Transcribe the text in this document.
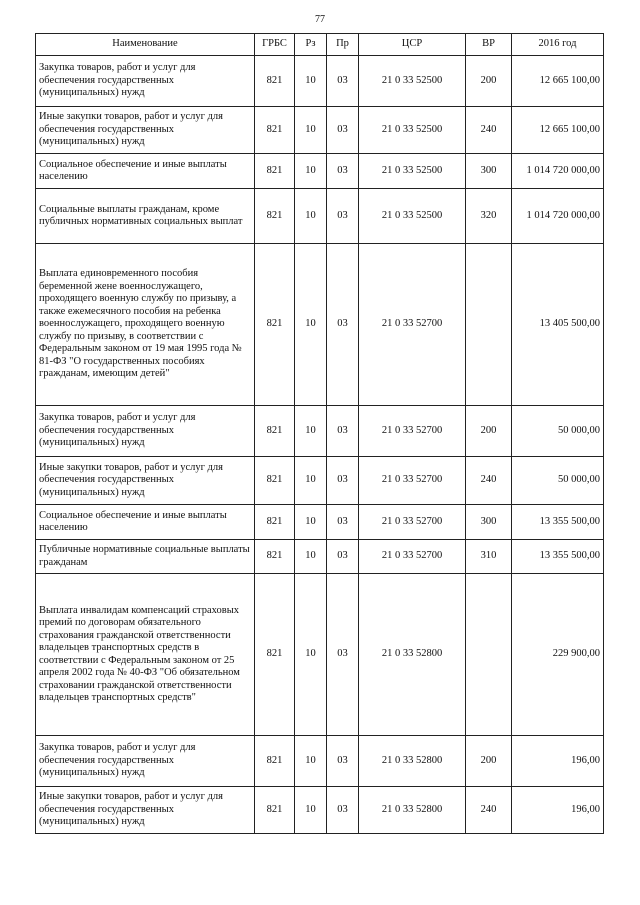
77
Наименование	ГРБС	Рз	Пр	ЦСР	ВР	2016 год
Закупка товаров, работ и услуг для обеспечения государственных (муниципальных) нужд	821	10	03	21 0 33 52500	200	12 665 100,00
Иные закупки товаров, работ и услуг для обеспечения государственных (муниципальных) нужд	821	10	03	21 0 33 52500	240	12 665 100,00
Социальное обеспечение и иные выплаты населению	821	10	03	21 0 33 52500	300	1 014 720 000,00
Социальные выплаты гражданам, кроме публичных нормативных социальных выплат	821	10	03	21 0 33 52500	320	1 014 720 000,00
Выплата единовременного пособия беременной жене военнослужащего, проходящего военную службу по призыву, а также ежемесячного пособия на ребенка военнослужащего, проходящего военную службу по призыву, в соответствии с Федеральным законом от 19 мая 1995 года № 81-ФЗ "О государственных пособиях гражданам, имеющим детей"	821	10	03	21 0 33 52700		13 405 500,00
Закупка товаров, работ и услуг для обеспечения государственных (муниципальных) нужд	821	10	03	21 0 33 52700	200	50 000,00
Иные закупки товаров, работ и услуг для обеспечения государственных (муниципальных) нужд	821	10	03	21 0 33 52700	240	50 000,00
Социальное обеспечение и иные выплаты населению	821	10	03	21 0 33 52700	300	13 355 500,00
Публичные нормативные социальные выплаты гражданам	821	10	03	21 0 33 52700	310	13 355 500,00
Выплата инвалидам компенсаций страховых премий по договорам обязательного страхования гражданской ответственности владельцев транспортных средств в соответствии с Федеральным законом от 25 апреля 2002 года № 40-ФЗ "Об обязательном страховании гражданской ответственности владельцев транспортных средств"	821	10	03	21 0 33 52800		229 900,00
Закупка товаров, работ и услуг для обеспечения государственных (муниципальных) нужд	821	10	03	21 0 33 52800	200	196,00
Иные закупки товаров, работ и услуг для обеспечения государственных (муниципальных) нужд	821	10	03	21 0 33 52800	240	196,00
